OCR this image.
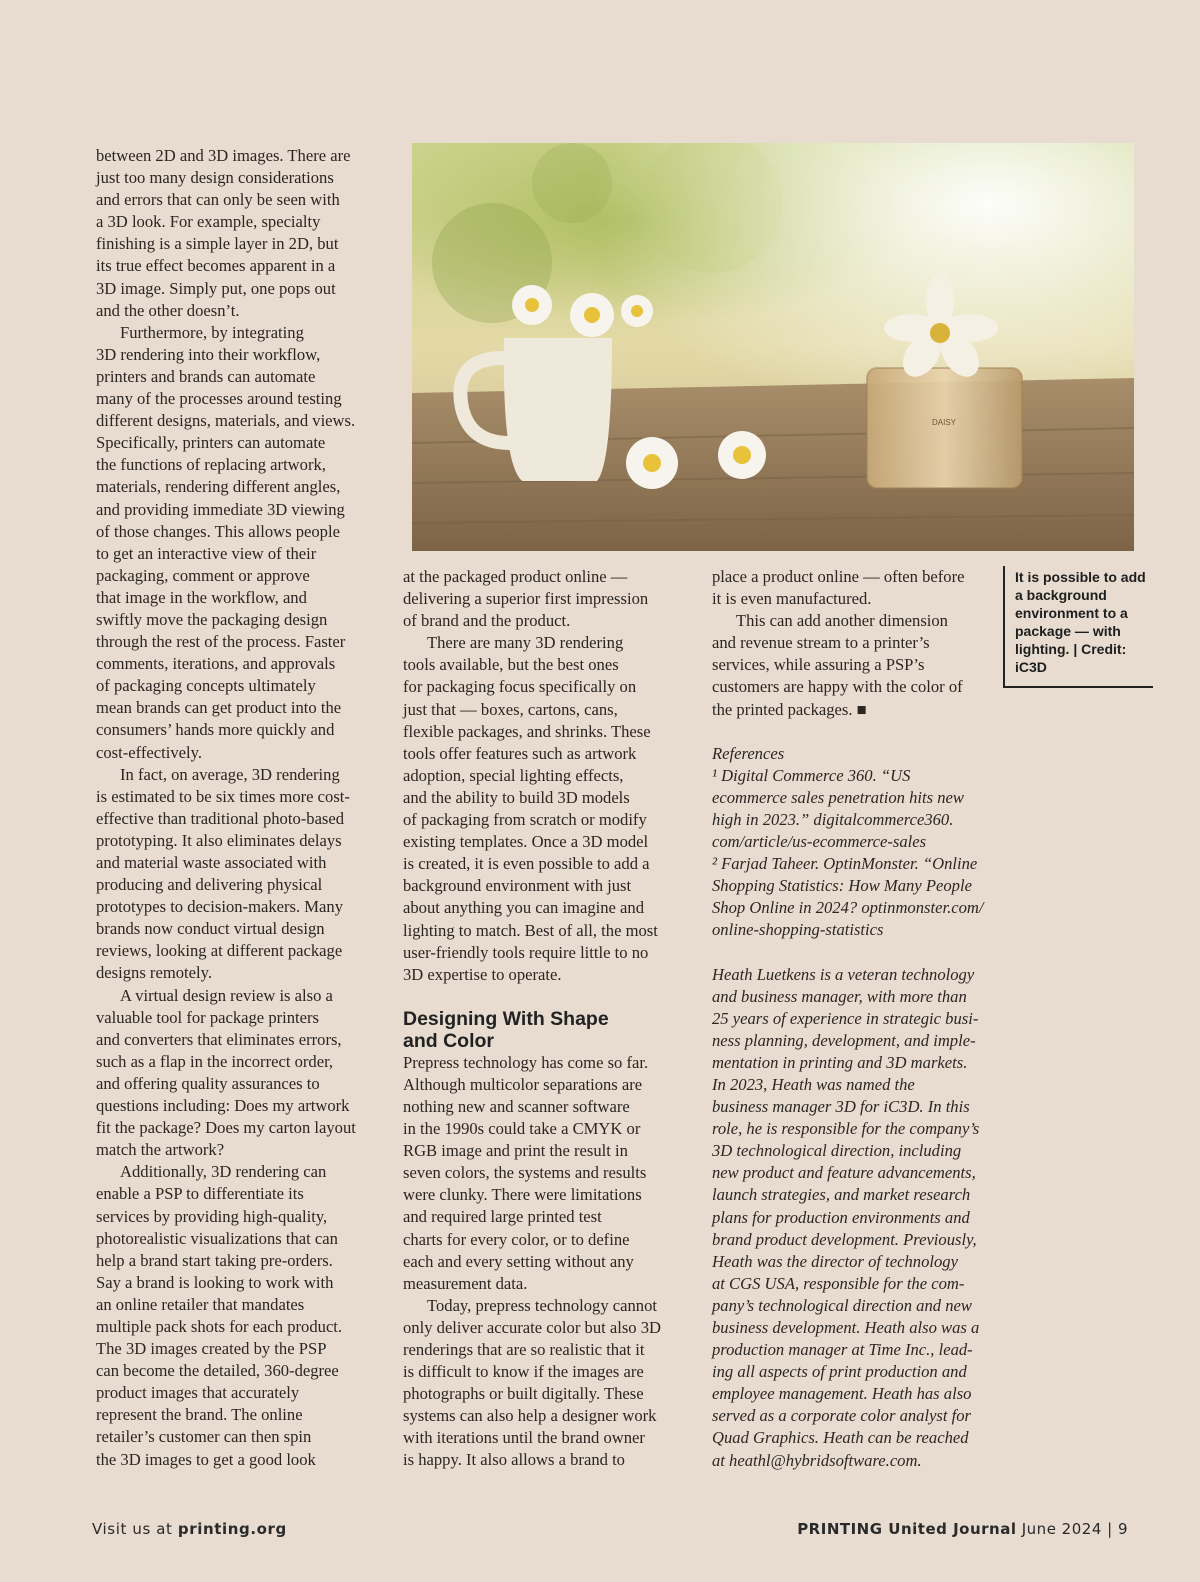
between 2D and 3D images. There are
just too many design considerations
and errors that can only be seen with
a 3D look. For example, specialty
finishing is a simple layer in 2D, but
its true effect becomes apparent in a
3D image. Simply put, one pops out
and the other doesn’t.

Furthermore, by integrating
3D rendering into their workflow,
printers and brands can automate
many of the processes around testing
different designs, materials, and views.
Specifically, printers can automate
the functions of replacing artwork,
materials, rendering different angles,
and providing immediate 3D viewing
of those changes. This allows people
to get an interactive view of their
packaging, comment or approve
that image in the workflow, and
swiftly move the packaging design
through the rest of the process. Faster
comments, iterations, and approvals
of packaging concepts ultimately
mean brands can get product into the
consumers’ hands more quickly and
cost-effectively.

In fact, on average, 3D rendering
is estimated to be six times more cost-
effective than traditional photo-based
prototyping. It also eliminates delays
and material waste associated with
producing and delivering physical
prototypes to decision-makers. Many
brands now conduct virtual design
reviews, looking at different package
designs remotely.

A virtual design review is also a
valuable tool for package printers
and converters that eliminates errors,
such as a flap in the incorrect order,
and offering quality assurances to
questions including: Does my artwork
fit the package? Does my carton layout
match the artwork?

Additionally, 3D rendering can
enable a PSP to differentiate its
services by providing high-quality,
photorealistic visualizations that can
help a brand start taking pre-orders.
Say a brand is looking to work with
an online retailer that mandates
multiple pack shots for each product.
The 3D images created by the PSP
can become the detailed, 360-degree
product images that accurately
represent the brand. The online
retailer’s customer can then spin
the 3D images to get a good look

DAISY

at the packaged product online —
delivering a superior first impression
of brand and the product.

There are many 3D rendering
tools available, but the best ones
for packaging focus specifically on
just that — boxes, cartons, cans,
flexible packages, and shrinks. These
tools offer features such as artwork
adoption, special lighting effects,
and the ability to build 3D models
of packaging from scratch or modify
existing templates. Once a 3D model
is created, it is even possible to add a
background environment with just
about anything you can imagine and
lighting to match. Best of all, the most
user-friendly tools require little to no
3D expertise to operate.

Designing With Shape
and Color

Prepress technology has come so far.
Although multicolor separations are
nothing new and scanner software
in the 1990s could take a CMYK or
RGB image and print the result in
seven colors, the systems and results
were clunky. There were limitations
and required large printed test
charts for every color, or to define
each and every setting without any
measurement data.

Today, prepress technology cannot
only deliver accurate color but also 3D
renderings that are so realistic that it
is difficult to know if the images are
photographs or built digitally. These
systems can also help a designer work
with iterations until the brand owner
is happy. It also allows a brand to

place a product online — often before
it is even manufactured.

This can add another dimension
and revenue stream to a printer’s
services, while assuring a PSP’s
customers are happy with the color of
the printed packages. ■

References

¹ Digital Commerce 360. “US
ecommerce sales penetration hits new
high in 2023.” digitalcommerce360.
com/article/us-ecommerce-sales

² Farjad Taheer. OptinMonster. “Online
Shopping Statistics: How Many People
Shop Online in 2024? optinmonster.com/
online-shopping-statistics

Heath Luetkens is a veteran technology
and business manager, with more than
25 years of experience in strategic busi-
ness planning, development, and imple-
mentation in printing and 3D markets.
In 2023, Heath was named the
business manager 3D for iC3D. In this
role, he is responsible for the company’s
3D technological direction, including
new product and feature advancements,
launch strategies, and market research
plans for production environments and
brand product development. Previously,
Heath was the director of technology
at CGS USA, responsible for the com-
pany’s technological direction and new
business development. Heath also was a
production manager at Time Inc., lead-
ing all aspects of print production and
employee management. Heath has also
served as a corporate color analyst for
Quad Graphics. Heath can be reached
at heathl@hybridsoftware.com.

It is possible to add a background environment to a package — with lighting. | Credit: iC3D
Visit us at printing.org	PRINTING United Journal June 2024 | 9
